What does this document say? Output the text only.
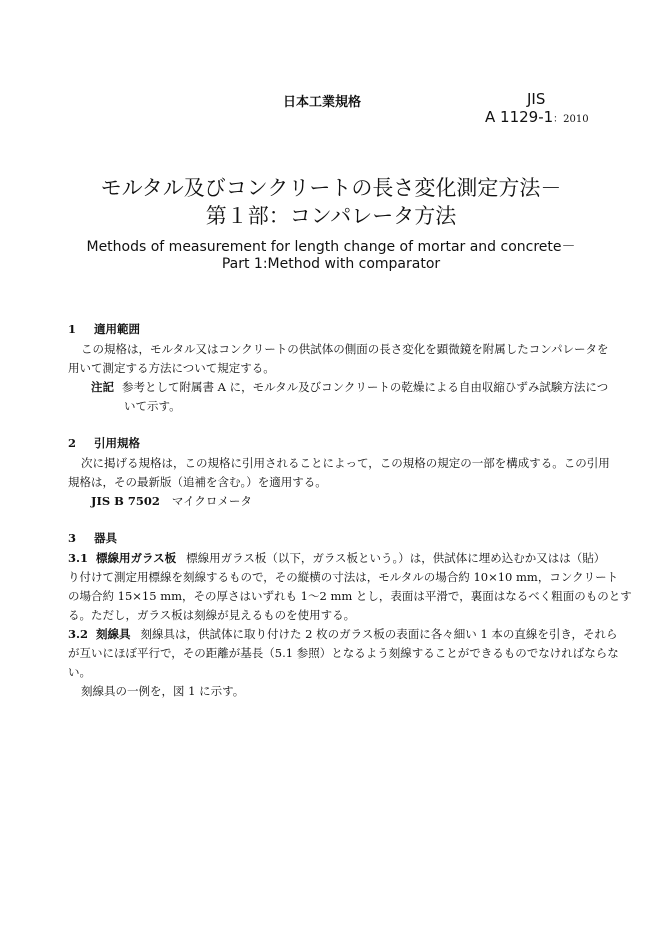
日本工業規格	JIS
A 1129-1：2010
モルタル及びコンクリートの長さ変化測定方法－
第１部：コンパレータ方法
Methods of measurement for length change of mortar and concrete－
Part 1:Method with comparator
1 適用範囲
この規格は，モルタル又はコンクリートの供試体の側面の長さ変化を顕微鏡を附属したコンパレータを
用いて測定する方法について規定する。
注記 参考として附属書 A に，モルタル及びコンクリートの乾燥による自由収縮ひずみ試験方法につ
いて示す。
2 引用規格
次に掲げる規格は，この規格に引用されることによって，この規格の規定の一部を構成する。この引用
規格は，その最新版（追補を含む。）を適用する。
JIS B 7502 マイクロメータ
3 器具
3.1 標線用ガラス板 標線用ガラス板（以下，ガラス板という。）は，供試体に埋め込むか又はは（貼）
り付けて測定用標線を刻線するもので，その縦横の寸法は，モルタルの場合約 10×10 mm，コンクリート
の場合約 15×15 mm，その厚さはいずれも 1～2 mm とし，表面は平滑で，裏面はなるべく粗面のものとす
る。ただし，ガラス板は刻線が見えるものを使用する。
3.2 刻線具 刻線具は，供試体に取り付けた 2 枚のガラス板の表面に各々細い 1 本の直線を引き，それら
が互いにほぼ平行で，その距離が基長（5.1 参照）となるよう刻線することができるものでなければならな
い。
刻線具の一例を，図 1 に示す。
